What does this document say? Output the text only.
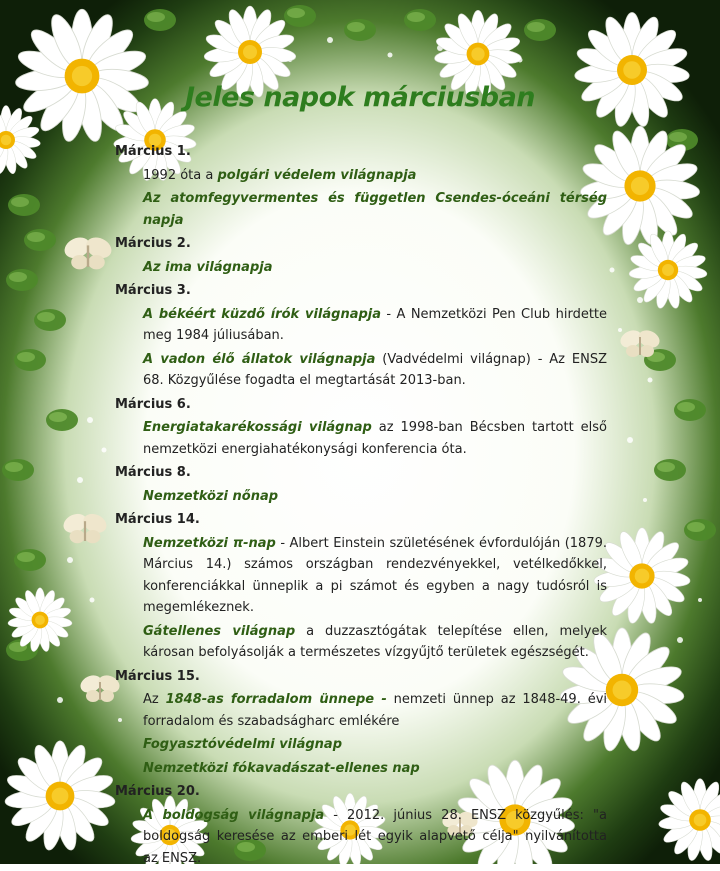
Jeles napok márciusban
Március 1.
1992 óta a polgári védelem világnapja
Az atomfegyvermentes és független Csendes-óceáni térség napja
Március 2.
Az ima világnapja
Március 3.
A békéért küzdő írók világnapja - A Nemzetközi Pen Club hirdette meg 1984 júliusában.
A vadon élő állatok világnapja (Vadvédelmi világnap) - Az ENSZ 68. Közgyűlése fogadta el megtartását 2013-ban.
Március 6.
Energiatakarékossági világnap az 1998-ban Bécsben tartott első nemzetközi energiahatékonysági konferencia óta.
Március 8.
Nemzetközi nőnap
Március 14.
Nemzetközi π-nap - Albert Einstein születésének évfordulóján (1879. Március 14.) számos országban rendezvényekkel, vetélkedőkkel, konferenciákkal ünneplik a pi számot és egyben a nagy tudósról is megemlékeznek.
Gátellenes világnap a duzzasztógátak telepítése ellen, melyek károsan befolyásolják a természetes vízgyűjtő területek egészségét.
Március 15.
Az 1848-as forradalom ünnepe - nemzeti ünnep az 1848-49. évi forradalom és szabadságharc emlékére
Fogyasztóvédelmi világnap
Nemzetközi fókavadászat-ellenes nap
Március 20.
A boldogság világnapja - 2012. június 28. ENSZ közgyűlés: "a boldogság keresése az emberi lét egyik alapvető célja" nyilvánította az ENSZ.
